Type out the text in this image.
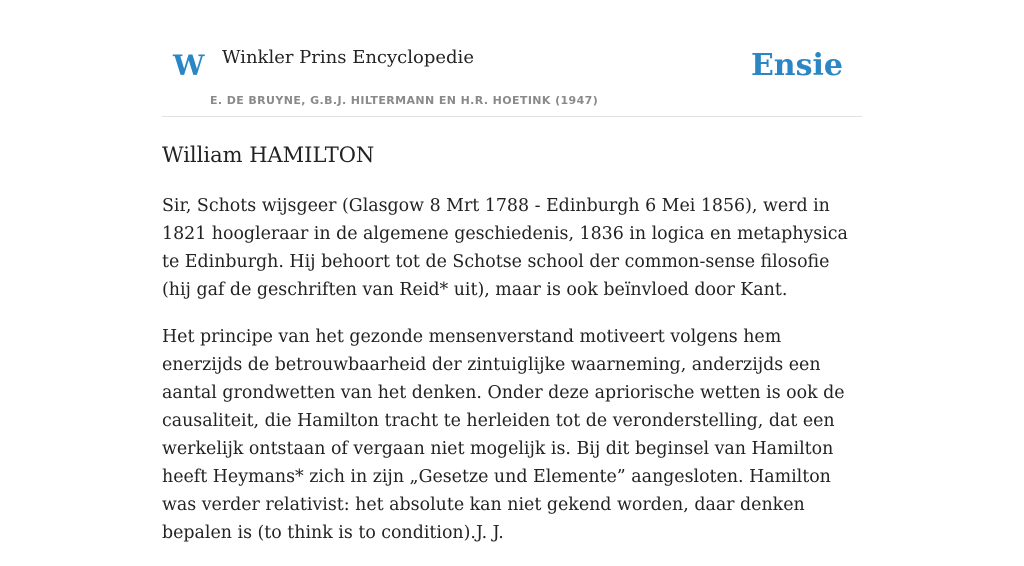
W Winkler Prins Encyclopedie
E. DE BRUYNE, G.B.J. HILTERMANN EN H.R. HOETINK (1947)
Ensie
William HAMILTON

Sir, Schots wijsgeer (Glasgow 8 Mrt 1788 - Edinburgh 6 Mei 1856), werd in 1821 hoogleraar in de algemene geschiedenis, 1836 in logica en metaphysica te Edinburgh. Hij behoort tot de Schotse school der common-sense filosofie (hij gaf de geschriften van Reid* uit), maar is ook beïnvloed door Kant.

Het principe van het gezonde mensenverstand motiveert volgens hem enerzijds de betrouwbaarheid der zintuiglijke waarneming, anderzijds een aantal grondwetten van het denken. Onder deze apriorische wetten is ook de causaliteit, die Hamilton tracht te herleiden tot de veronderstelling, dat een werkelijk ontstaan of vergaan niet mogelijk is. Bij dit beginsel van Hamilton heeft Heymans* zich in zijn „Gesetze und Elemente” aangesloten. Hamilton was verder relativist: het absolute kan niet gekend worden, daar denken bepalen is (to think is to condition).J. J.
